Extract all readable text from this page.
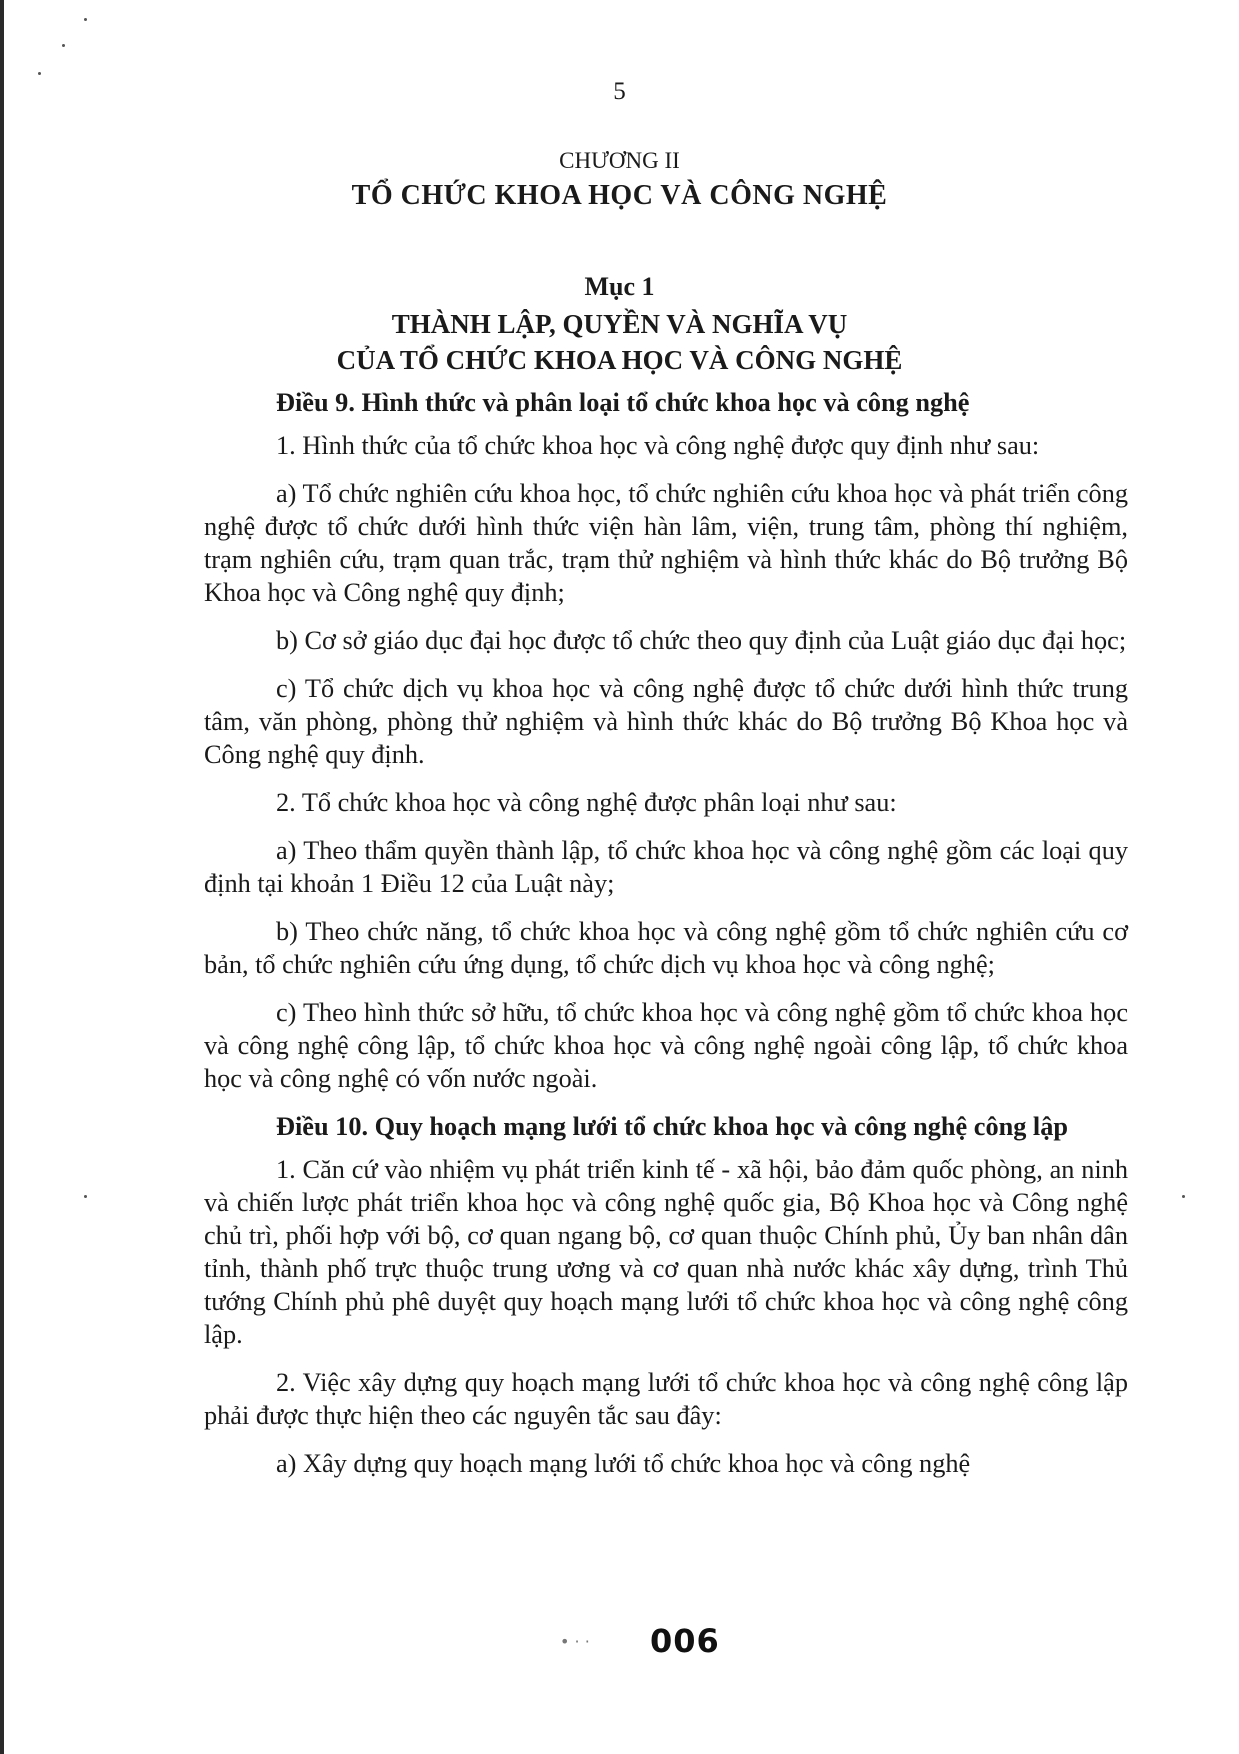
5
CHƯƠNG II
TỔ CHỨC KHOA HỌC VÀ CÔNG NGHỆ
Mục 1
THÀNH LẬP, QUYỀN VÀ NGHĨA VỤ
CỦA TỔ CHỨC KHOA HỌC VÀ CÔNG NGHỆ

Điều 9. Hình thức và phân loại tổ chức khoa học và công nghệ

1. Hình thức của tổ chức khoa học và công nghệ được quy định như sau:

a) Tổ chức nghiên cứu khoa học, tổ chức nghiên cứu khoa học và phát triển công nghệ được tổ chức dưới hình thức viện hàn lâm, viện, trung tâm, phòng thí nghiệm, trạm nghiên cứu, trạm quan trắc, trạm thử nghiệm và hình thức khác do Bộ trưởng Bộ Khoa học và Công nghệ quy định;

b) Cơ sở giáo dục đại học được tổ chức theo quy định của Luật giáo dục đại học;

c) Tổ chức dịch vụ khoa học và công nghệ được tổ chức dưới hình thức trung tâm, văn phòng, phòng thử nghiệm và hình thức khác do Bộ trưởng Bộ Khoa học và Công nghệ quy định.

2. Tổ chức khoa học và công nghệ được phân loại như sau:

a) Theo thẩm quyền thành lập, tổ chức khoa học và công nghệ gồm các loại quy định tại khoản 1 Điều 12 của Luật này;

b) Theo chức năng, tổ chức khoa học và công nghệ gồm tổ chức nghiên cứu cơ bản, tổ chức nghiên cứu ứng dụng, tổ chức dịch vụ khoa học và công nghệ;

c) Theo hình thức sở hữu, tổ chức khoa học và công nghệ gồm tổ chức khoa học và công nghệ công lập, tổ chức khoa học và công nghệ ngoài công lập, tổ chức khoa học và công nghệ có vốn nước ngoài.

Điều 10. Quy hoạch mạng lưới tổ chức khoa học và công nghệ công lập

1. Căn cứ vào nhiệm vụ phát triển kinh tế - xã hội, bảo đảm quốc phòng, an ninh và chiến lược phát triển khoa học và công nghệ quốc gia, Bộ Khoa học và Công nghệ chủ trì, phối hợp với bộ, cơ quan ngang bộ, cơ quan thuộc Chính phủ, Ủy ban nhân dân tỉnh, thành phố trực thuộc trung ương và cơ quan nhà nước khác xây dựng, trình Thủ tướng Chính phủ phê duyệt quy hoạch mạng lưới tổ chức khoa học và công nghệ công lập.

2. Việc xây dựng quy hoạch mạng lưới tổ chức khoa học và công nghệ công lập phải được thực hiện theo các nguyên tắc sau đây:

a) Xây dựng quy hoạch mạng lưới tổ chức khoa học và công nghệ

• · · 006
